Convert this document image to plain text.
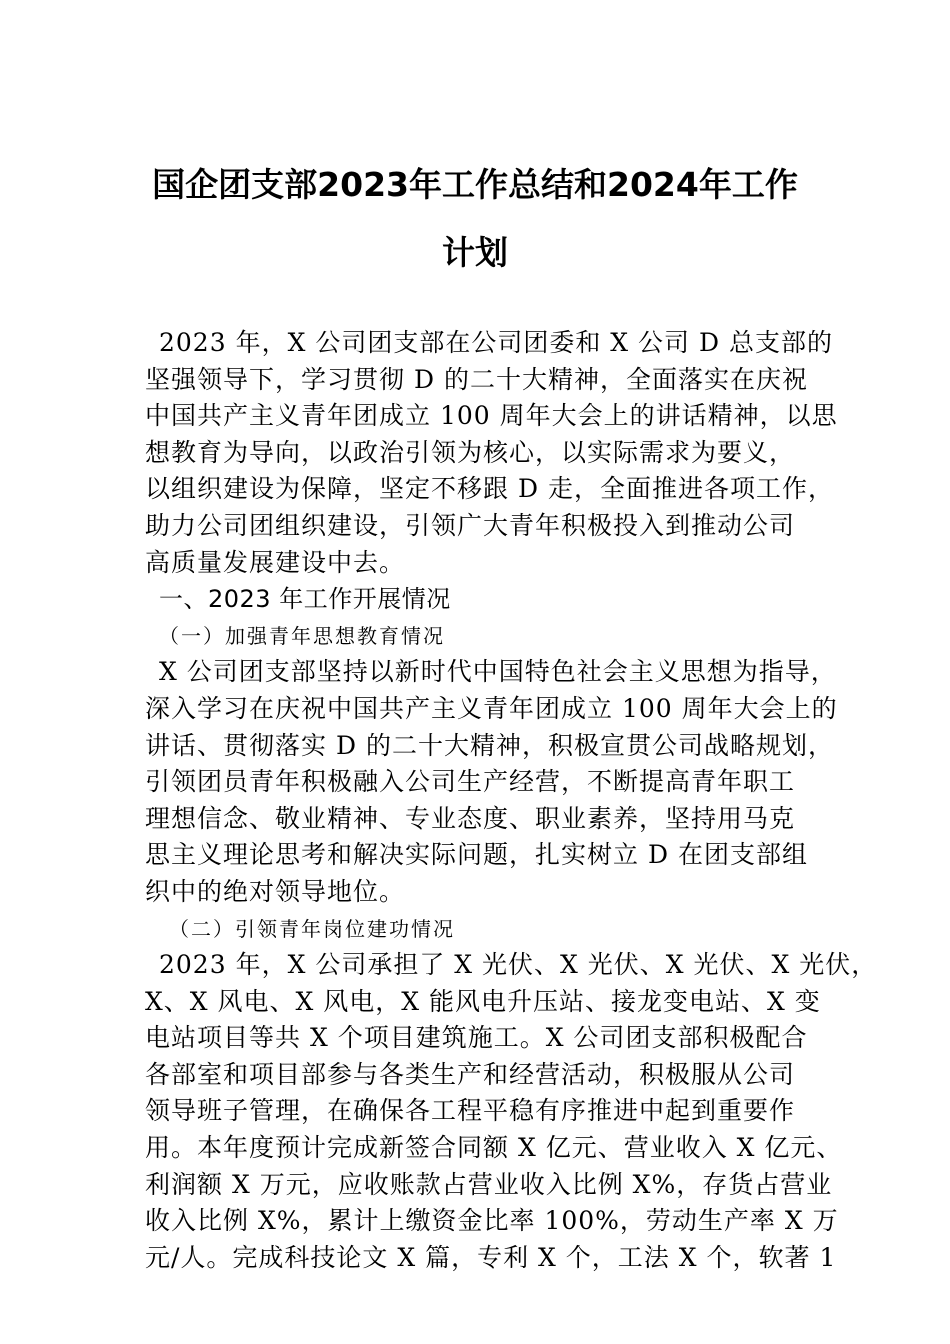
国企团支部2023年工作总结和2024年工作
计划
2023 年，X 公司团支部在公司团委和 X 公司 D 总支部的
坚强领导下，学习贯彻 D 的二十大精神，全面落实在庆祝
中国共产主义青年团成立 100 周年大会上的讲话精神，以思
想教育为导向，以政治引领为核心，以实际需求为要义，
以组织建设为保障，坚定不移跟 D 走，全面推进各项工作，
助力公司团组织建设，引领广大青年积极投入到推动公司
高质量发展建设中去。
一、2023 年工作开展情况
（一）加强青年思想教育情况
X 公司团支部坚持以新时代中国特色社会主义思想为指导，
深入学习在庆祝中国共产主义青年团成立 100 周年大会上的
讲话、贯彻落实 D 的二十大精神，积极宣贯公司战略规划，
引领团员青年积极融入公司生产经营，不断提高青年职工
理想信念、敬业精神、专业态度、职业素养，坚持用马克
思主义理论思考和解决实际问题，扎实树立 D 在团支部组
织中的绝对领导地位。
（二）引领青年岗位建功情况
2023 年，X 公司承担了 X 光伏、X 光伏、X 光伏、X 光伏，
X、X 风电、X 风电，X 能风电升压站、接龙变电站、X 变
电站项目等共 X 个项目建筑施工。X 公司团支部积极配合
各部室和项目部参与各类生产和经营活动，积极服从公司
领导班子管理，在确保各工程平稳有序推进中起到重要作
用。本年度预计完成新签合同额 X 亿元、营业收入 X 亿元、
利润额 X 万元，应收账款占营业收入比例 X%，存货占营业
收入比例 X%，累计上缴资金比率 100%，劳动生产率 X 万
元/人。完成科技论文 X 篇，专利 X 个，工法 X 个，软著 1
